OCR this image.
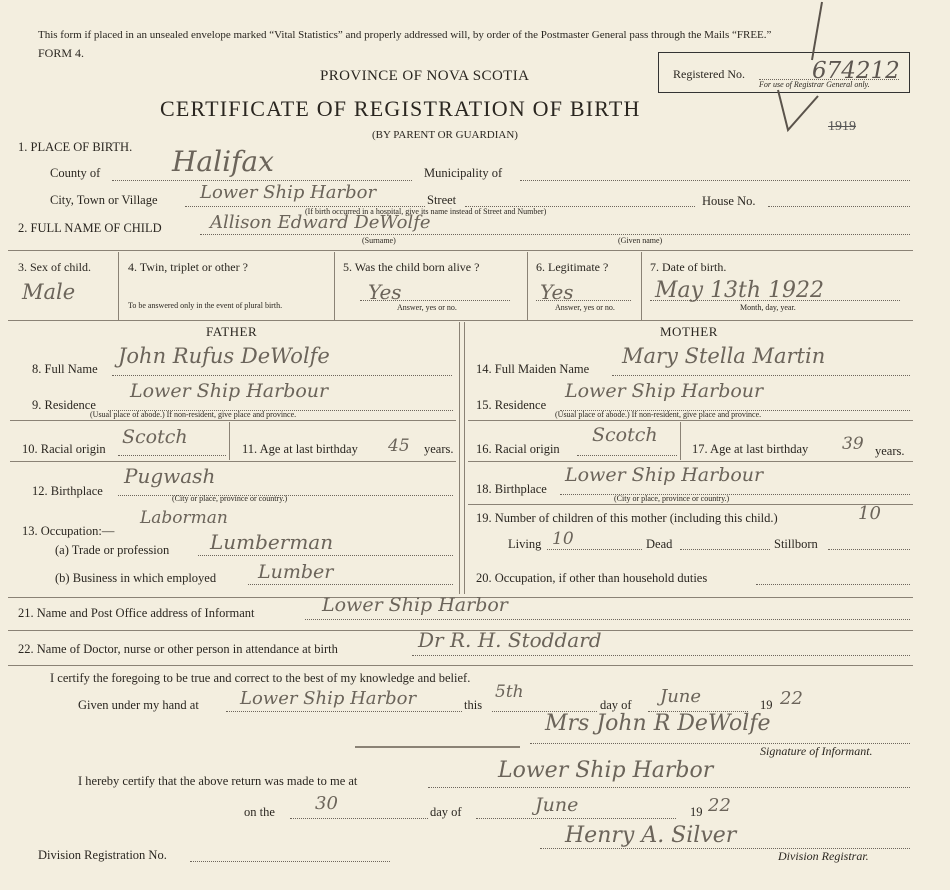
This form if placed in an unsealed envelope marked “Vital Statistics” and properly addressed will, by order of the Postmaster General pass through the Mails “FREE.”
FORM 4.
PROVINCE OF NOVA SCOTIA
CERTIFICATE OF REGISTRATION OF BIRTH
(BY PARENT OR GUARDIAN)
Registered No.
For use of Registrar General only.
674212
1919
1. PLACE OF BIRTH.
County of	Halifax	Municipality of
City, Town or Village Lower Ship Harbor	Street
(If birth occurred in a hospital, give its name instead of Street and Number)
House No.
2. FULL NAME OF CHILD	Allison Edward DeWolfe
(Surname)	(Given name)
3. Sex of child.
Male
4. Twin, triplet or other ?
To be answered only in the event of plural birth.
5. Was the child born alive ?
Yes
Answer, yes or no.
6. Legitimate ?
Yes
Answer, yes or no.
7. Date of birth.
May 13th 1922
Month, day, year.
FATHER
8. Full Name
John Rufus DeWolfe
9. Residence
Lower Ship Harbour
(Usual place of abode.) If non-resident, give place and province.
10. Racial origin
Scotch
11. Age at last birthday 45 years.
12. Birthplace
Pugwash
(City or place, province or country.)
13. Occupation:—
Laborman
(a) Trade or profession Lumberman
(b) Business in which employed Lumber
MOTHER
14. Full Maiden Name
Mary Stella Martin
15. Residence
Lower Ship Harbour
(Usual place of abode.) If non-resident, give place and province.
16. Racial origin
Scotch
17. Age at last birthday 39 years.
18. Birthplace
Lower Ship Harbour
(City or place, province or country.)
19. Number of children of this mother (including this child.)	10
Living 10	Dead	Stillborn
20. Occupation, if other than household duties
21. Name and Post Office address of Informant	Lower Ship Harbor
22. Name of Doctor, nurse or other person in attendance at birth	Dr R. H. Stoddard
I certify the foregoing to be true and correct to the best of my knowledge and belief.
Given under my hand at Lower Ship Harbor	this
5th
day of June	19 22
Mrs John R DeWolfe
Signature of Informant.
I hereby certify that the above return was made to me at	Lower Ship Harbor
on the 30	day of	June	19 22
Henry A. Silver
Division Registration No.	Division Registrar.
